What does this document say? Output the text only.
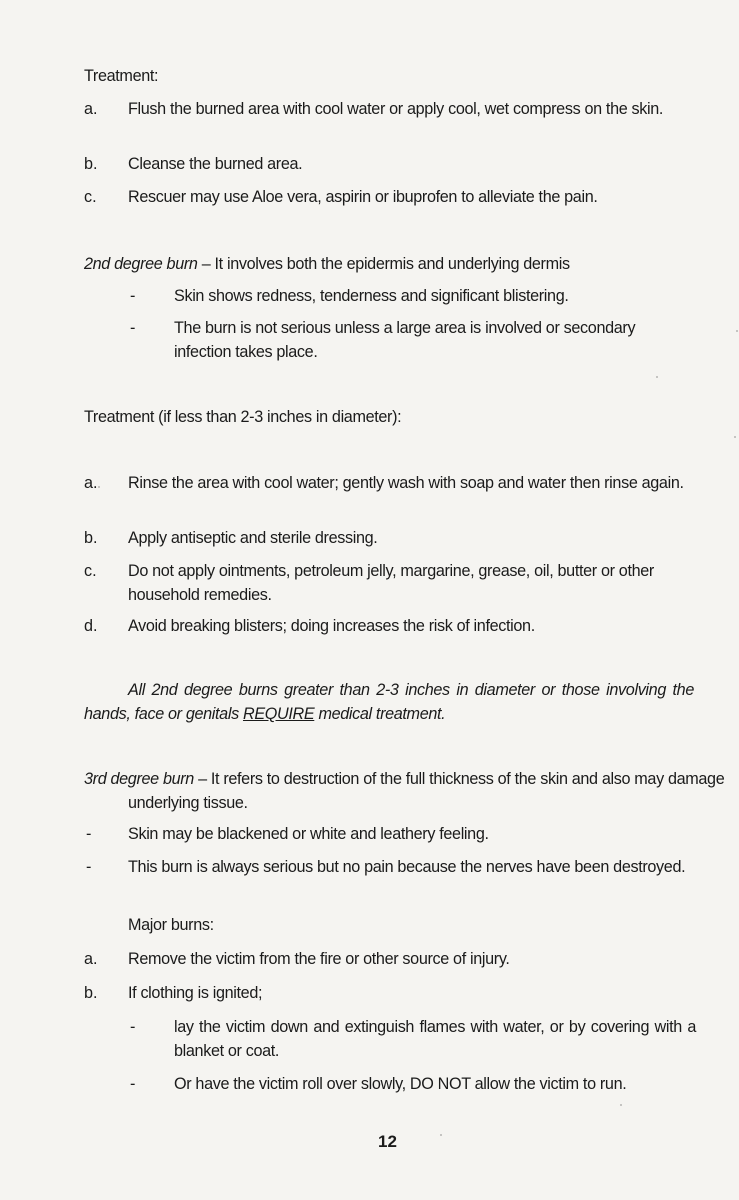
Treatment:
a. Flush the burned area with cool water or apply cool, wet compress on the skin.
b. Cleanse the burned area.
c. Rescuer may use Aloe vera, aspirin or ibuprofen to alleviate the pain.
2nd degree burn – It involves both the epidermis and underlying dermis
- Skin shows redness, tenderness and significant blistering.
- The burn is not serious unless a large area is involved or secondary infection takes place.
Treatment (if less than 2-3 inches in diameter):
a. Rinse the area with cool water; gently wash with soap and water then rinse again.
b. Apply antiseptic and sterile dressing.
c. Do not apply ointments, petroleum jelly, margarine, grease, oil, butter or other household remedies.
d. Avoid breaking blisters; doing increases the risk of infection.
All 2nd degree burns greater than 2-3 inches in diameter or those involving the hands, face or genitals REQUIRE medical treatment.
3rd degree burn – It refers to destruction of the full thickness of the skin and also may damage underlying tissue.
- Skin may be blackened or white and leathery feeling.
- This burn is always serious but no pain because the nerves have been destroyed.
Major burns:
a. Remove the victim from the fire or other source of injury.
b. If clothing is ignited;
- lay the victim down and extinguish flames with water, or by covering with a blanket or coat.
- Or have the victim roll over slowly, DO NOT allow the victim to run.
12
